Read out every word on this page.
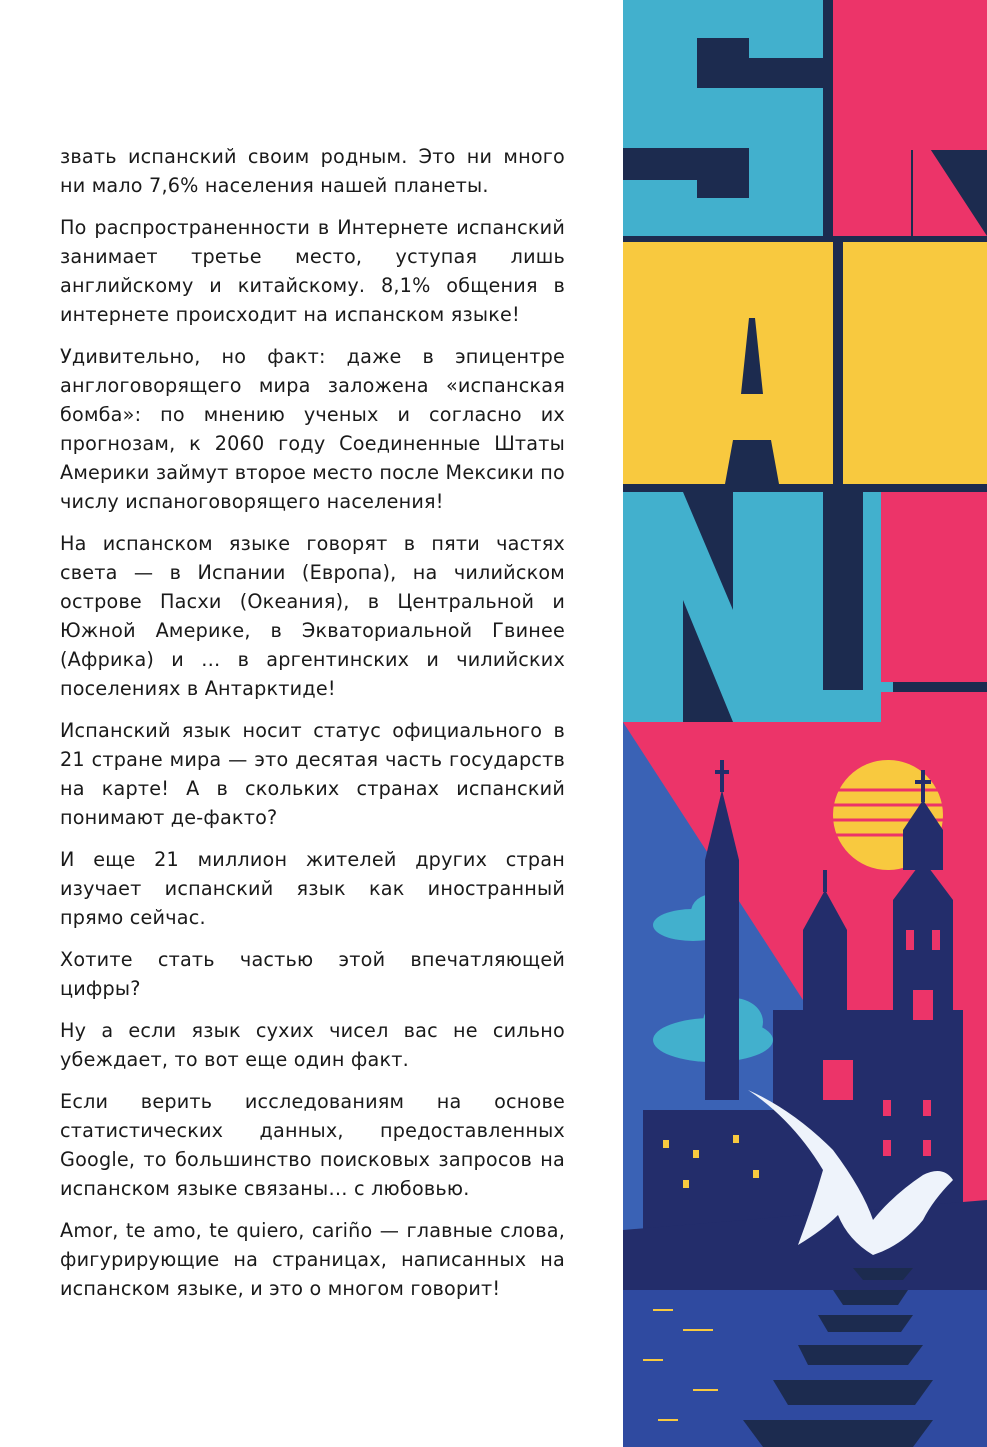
звать испанский своим родным. Это ни много ни мало 7,6% населения нашей планеты.

По распространенности в Интернете испанский занимает третье место, уступая лишь английскому и китайскому. 8,1% общения в интернете происходит на испанском языке!

Удивительно, но факт: даже в эпицентре англоговорящего мира заложена «испанская бомба»: по мнению ученых и согласно их прогнозам, к 2060 году Соединенные Штаты Америки займут второе место после Мексики по числу испаноговорящего населения!

На испанском языке говорят в пяти частях света — в Испании (Европа), на чилийском острове Пасхи (Океания), в Центральной и Южной Америке, в Экваториальной Гвинее (Африка) и … в аргентинских и чилийских поселениях в Антарктиде!

Испанский язык носит статус официального в 21 стране мира — это десятая часть государств на карте! А в скольких странах испанский понимают де-факто?

И еще 21 миллион жителей других стран изучает испанский язык как иностранный прямо сейчас.

Хотите стать частью этой впечатляющей цифры?

Ну а если язык сухих чисел вас не сильно убеждает, то вот еще один факт.

Если верить исследованиям на основе статистических данных, предоставленных Google, то большинство поисковых запросов на испанском языке связаны… с любовью.

Amor, te amo, te quiero, cariño — главные слова, фигурирующие на страницах, написанных на испанском языке, и это о многом говорит!
